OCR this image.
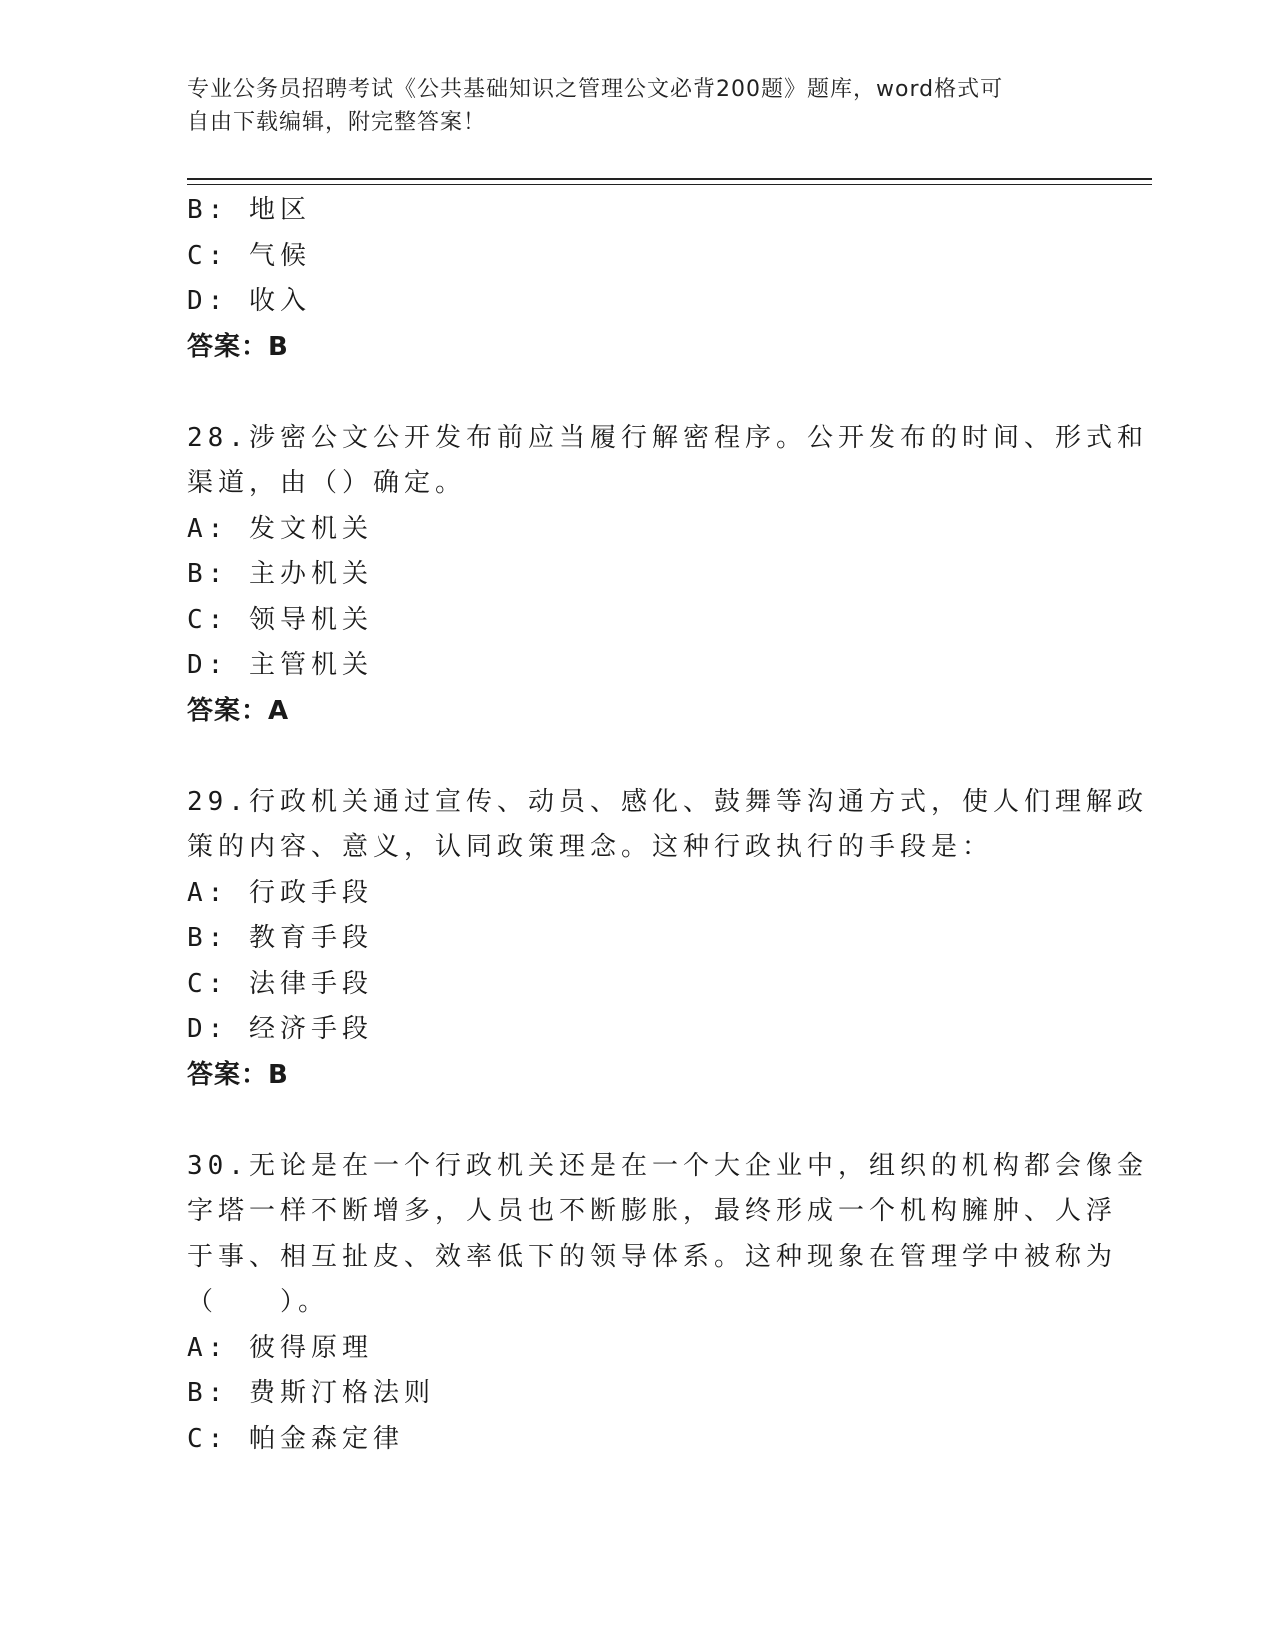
专业公务员招聘考试《公共基础知识之管理公文必背200题》题库，word格式可
自由下载编辑，附完整答案！

B: 地区

C: 气候

D: 收入

答案：B

28.涉密公文公开发布前应当履行解密程序。公开发布的时间、形式和

渠道，由（）确定。

A: 发文机关

B: 主办机关

C: 领导机关

D: 主管机关

答案：A

29.行政机关通过宣传、动员、感化、鼓舞等沟通方式，使人们理解政

策的内容、意义，认同政策理念。这种行政执行的手段是：

A: 行政手段

B: 教育手段

C: 法律手段

D: 经济手段

答案：B

30.无论是在一个行政机关还是在一个大企业中，组织的机构都会像金

字塔一样不断增多，人员也不断膨胀，最终形成一个机构臃肿、人浮

于事、相互扯皮、效率低下的领导体系。这种现象在管理学中被称为

（　　）。

A: 彼得原理

B: 费斯汀格法则

C: 帕金森定律
